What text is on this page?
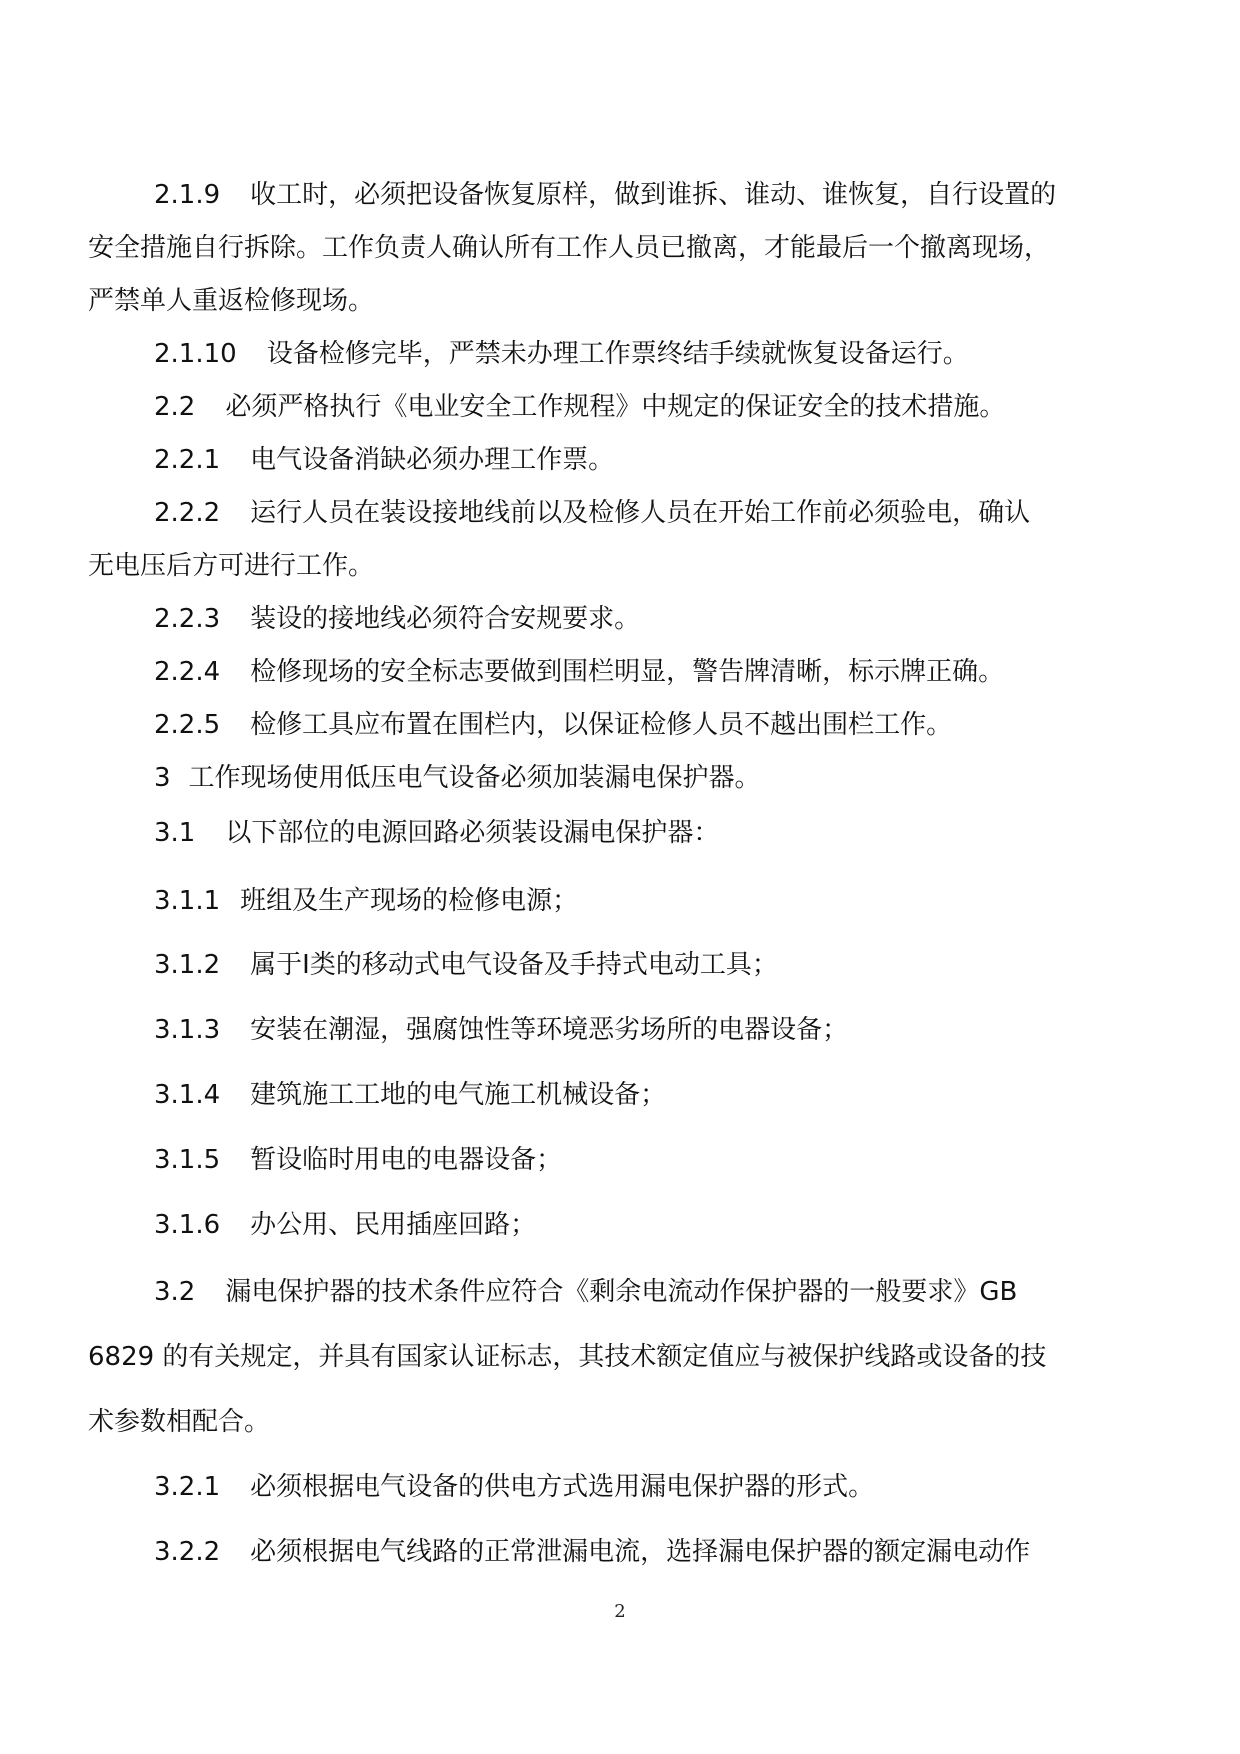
2.1.9 收工时，必须把设备恢复原样，做到谁拆、谁动、谁恢复，自行设置的
安全措施自行拆除。工作负责人确认所有工作人员已撤离，才能最后一个撤离现场，
严禁单人重返检修现场。
2.1.10 设备检修完毕，严禁未办理工作票终结手续就恢复设备运行。
2.2 必须严格执行《电业安全工作规程》中规定的保证安全的技术措施。
2.2.1 电气设备消缺必须办理工作票。
2.2.2 运行人员在装设接地线前以及检修人员在开始工作前必须验电，确认
无电压后方可进行工作。
2.2.3 装设的接地线必须符合安规要求。
2.2.4 检修现场的安全标志要做到围栏明显，警告牌清晰，标示牌正确。
2.2.5 检修工具应布置在围栏内，以保证检修人员不越出围栏工作。
3 工作现场使用低压电气设备必须加装漏电保护器。
3.1 以下部位的电源回路必须装设漏电保护器：
3.1.1 班组及生产现场的检修电源；
3.1.2 属于Ⅰ类的移动式电气设备及手持式电动工具；
3.1.3 安装在潮湿，强腐蚀性等环境恶劣场所的电器设备；
3.1.4 建筑施工工地的电气施工机械设备；
3.1.5 暂设临时用电的电器设备；
3.1.6 办公用、民用插座回路；
3.2 漏电保护器的技术条件应符合《剩余电流动作保护器的一般要求》GB
6829 的有关规定，并具有国家认证标志，其技术额定值应与被保护线路或设备的技
术参数相配合。
3.2.1 必须根据电气设备的供电方式选用漏电保护器的形式。
3.2.2 必须根据电气线路的正常泄漏电流，选择漏电保护器的额定漏电动作
2
